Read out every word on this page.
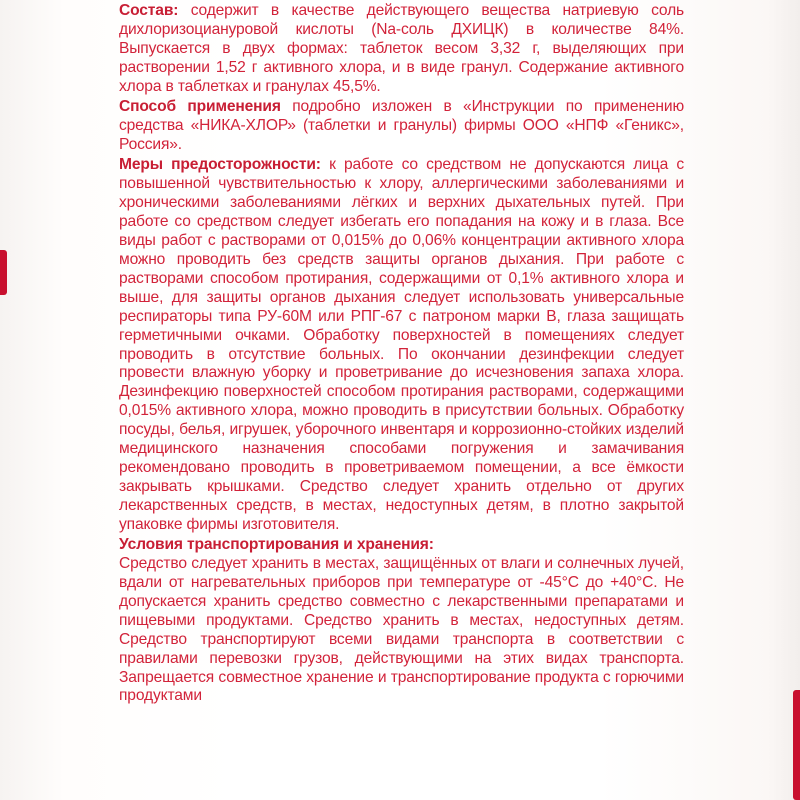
Состав: содержит в качестве действующего вещества натриевую соль дихлоризоциануровой кислоты (Na-соль ДХИЦК) в количестве 84%. Выпускается в двух формах: таблеток весом 3,32 г, выделяющих при растворении 1,52 г активного хлора, и в виде гранул. Содержание активного хлора в таблетках и гранулах 45,5%.

Способ применения подробно изложен в «Инструкции по применению средства «НИКА-ХЛОР» (таблетки и гранулы) фирмы ООО «НПФ «Геникс», Россия».

Меры предосторожности: к работе со средством не допускаются лица с повышенной чувствительностью к хлору, аллергическими заболеваниями и хроническими заболеваниями лёгких и верхних дыхательных путей. При работе со средством следует избегать его попадания на кожу и в глаза. Все виды работ с растворами от 0,015% до 0,06% концентрации активного хлора можно проводить без средств защиты органов дыхания. При работе с растворами способом протирания, содержащими от 0,1% активного хлора и выше, для защиты органов дыхания следует использовать универсальные респираторы типа РУ-60М или РПГ-67 с патроном марки В, глаза защищать герметичными очками. Обработку поверхностей в помещениях следует проводить в отсутствие больных. По окончании дезинфекции следует провести влажную уборку и проветривание до исчезновения запаха хлора. Дезинфекцию поверхностей способом протирания растворами, содержащими 0,015% активного хлора, можно проводить в присутствии больных. Обработку посуды, белья, игрушек, уборочного инвентаря и коррозионно-стойких изделий медицинского назначения способами погружения и замачивания рекомендовано проводить в проветриваемом помещении, а все ёмкости закрывать крышками. Средство следует хранить отдельно от других лекарственных средств, в местах, недоступных детям, в плотно закрытой упаковке фирмы изготовителя.

Условия транспортирования и хранения:
Средство следует хранить в местах, защищённых от влаги и солнечных лучей, вдали от нагревательных приборов при температуре от -45°С до +40°С. Не допускается хранить средство совместно с лекарственными препаратами и пищевыми продуктами. Средство хранить в местах, недоступных детям. Средство транспортируют всеми видами транспорта в соответствии с правилами перевозки грузов, действующими на этих видах транспорта. Запрещается совместное хранение и транспортирование продукта с горючими продуктами
